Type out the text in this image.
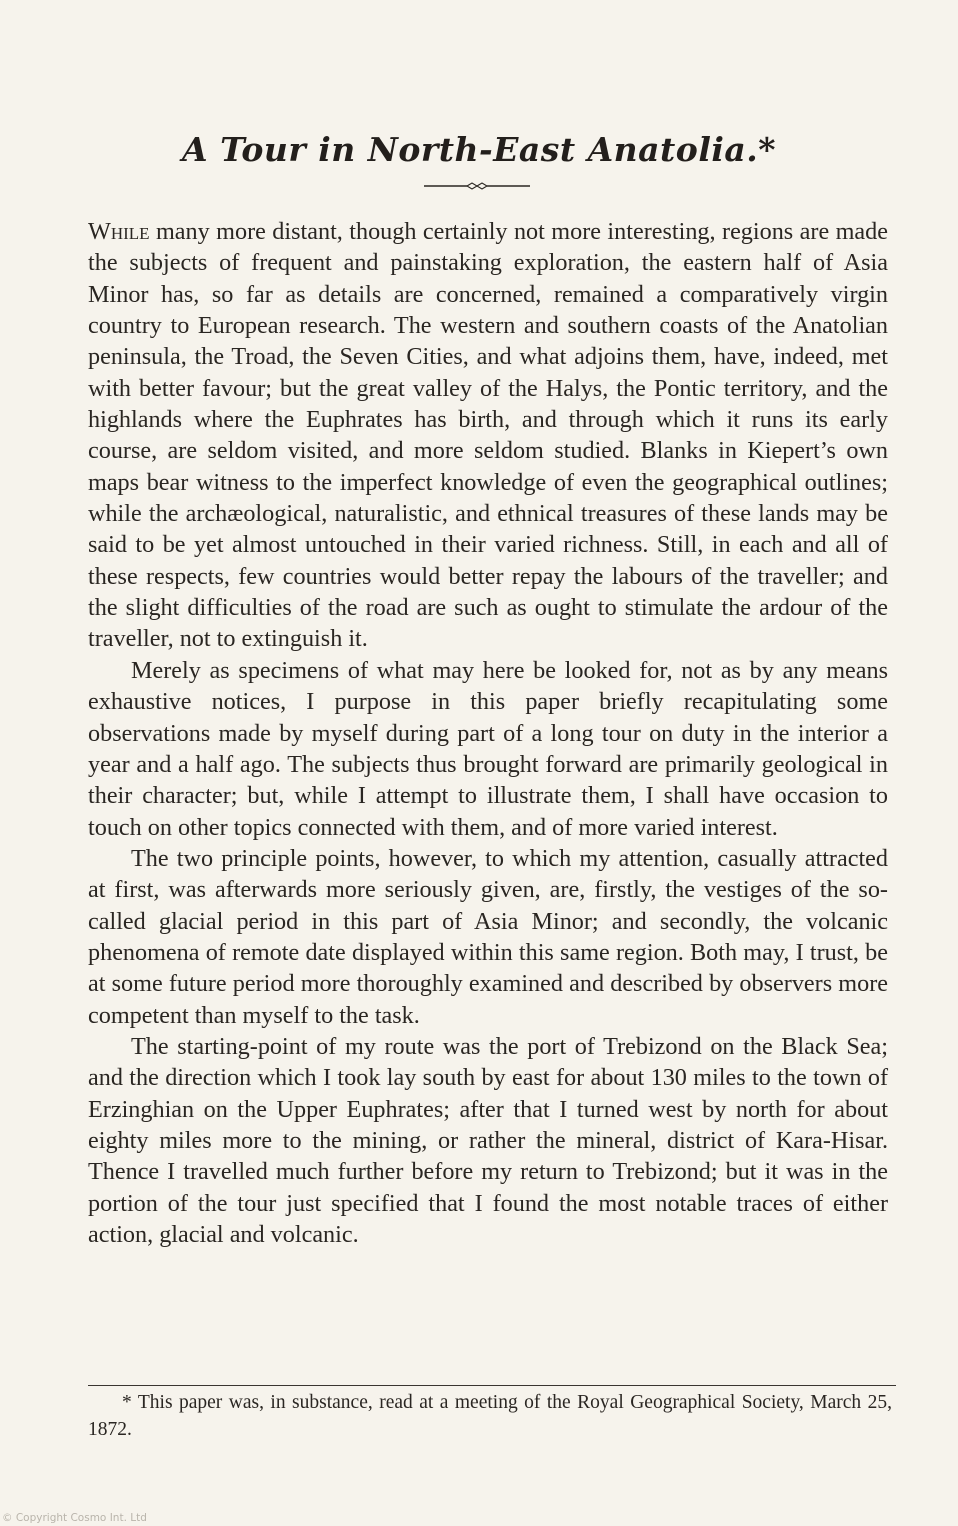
A Tour in North-East Anatolia.*

While many more distant, though certainly not more interesting, regions are made the subjects of frequent and painstaking exploration, the eastern half of Asia Minor has, so far as details are concerned, remained a comparatively virgin country to European research. The western and southern coasts of the Anatolian peninsula, the Troad, the Seven Cities, and what adjoins them, have, indeed, met with better favour; but the great valley of the Halys, the Pontic territory, and the highlands where the Euphrates has birth, and through which it runs its early course, are seldom visited, and more seldom studied. Blanks in Kiepert’s own maps bear witness to the imperfect knowledge of even the geographical outlines; while the archæological, naturalistic, and ethnical treasures of these lands may be said to be yet almost untouched in their varied richness. Still, in each and all of these respects, few countries would better repay the labours of the traveller; and the slight difficulties of the road are such as ought to stimulate the ardour of the traveller, not to extinguish it.

Merely as specimens of what may here be looked for, not as by any means exhaustive notices, I purpose in this paper briefly recapitulating some observations made by myself during part of a long tour on duty in the interior a year and a half ago. The subjects thus brought forward are primarily geological in their character; but, while I attempt to illustrate them, I shall have occasion to touch on other topics connected with them, and of more varied interest.

The two principle points, however, to which my attention, casually attracted at first, was afterwards more seriously given, are, firstly, the vestiges of the so-called glacial period in this part of Asia Minor; and secondly, the volcanic phenomena of remote date displayed within this same region. Both may, I trust, be at some future period more thoroughly examined and described by observers more competent than myself to the task.

The starting-point of my route was the port of Trebizond on the Black Sea; and the direction which I took lay south by east for about 130 miles to the town of Erzinghian on the Upper Euphrates; after that I turned west by north for about eighty miles more to the mining, or rather the mineral, district of Kara-Hisar. Thence I travelled much further before my return to Trebizond; but it was in the portion of the tour just specified that I found the most notable traces of either action, glacial and volcanic.

* This paper was, in substance, read at a meeting of the Royal Geographical Society, March 25, 1872.
© Copyright Cosmo Int. Ltd
